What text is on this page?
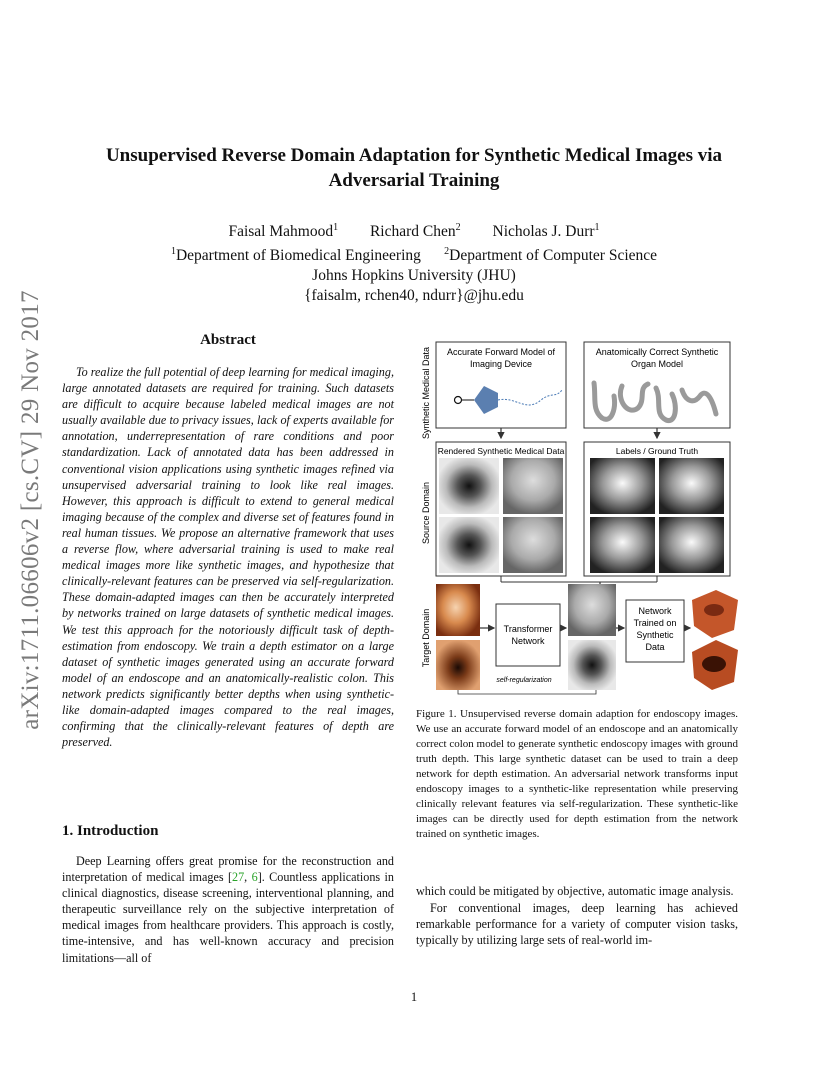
arXiv:1711.06606v2 [cs.CV] 29 Nov 2017
Unsupervised Reverse Domain Adaptation for Synthetic Medical Images via Adversarial Training
Faisal Mahmood$^1$ Richard Chen$^2$ Nicholas J. Durr$^1$
$^1$Department of Biomedical Engineering $^2$Department of Computer Science
Johns Hopkins University (JHU)
{faisalm, rchen40, ndurr}@jhu.edu
Abstract
To realize the full potential of deep learning for medical imaging, large annotated datasets are required for training. Such datasets are difficult to acquire because labeled medical images are not usually available due to privacy issues, lack of experts available for annotation, underrepresentation of rare conditions and poor standardization. Lack of annotated data has been addressed in conventional vision applications using synthetic images refined via unsupervised adversarial training to look like real images. However, this approach is difficult to extend to general medical imaging because of the complex and diverse set of features found in real human tissues. We propose an alternative framework that uses a reverse flow, where adversarial training is used to make real medical images more like synthetic images, and hypothesize that clinically-relevant features can be preserved via self-regularization. These domain-adapted images can then be accurately interpreted by networks trained on large datasets of synthetic medical images. We test this approach for the notoriously difficult task of depth-estimation from endoscopy. We train a depth estimator on a large dataset of synthetic images generated using an accurate forward model of an endoscope and an anatomically-realistic colon. This network predicts significantly better depths when using synthetic-like domain-adapted images compared to the real images, confirming that the clinically-relevant features of depth are preserved.
1. Introduction
Deep Learning offers great promise for the reconstruction and interpretation of medical images [27, 6]. Countless applications in clinical diagnostics, disease screening, interventional planning, and therapeutic surveillance rely on the subjective interpretation of medical images from healthcare providers. This approach is costly, time-intensive, and has well-known accuracy and precision limitations—all of
Synthetic Medical Data
Source Domain
Target Domain
Accurate Forward Model of
Imaging Device
Anatomically Correct Synthetic
Organ Model
Rendered Synthetic Medical Data	Labels / Ground Truth
Transformer
Network
Network
Trained on
Synthetic
Data
self-regularization
Figure 1. Unsupervised reverse domain adaption for endoscopy images. We use an accurate forward model of an endoscope and an anatomically correct colon model to generate synthetic endoscopy images with ground truth depth. This large synthetic dataset can be used to train a deep network for depth estimation. An adversarial network transforms input endoscopy images to a synthetic-like representation while preserving clinically relevant features via self-regularization. These synthetic-like images can be directly used for depth estimation from the network trained on synthetic images.

which could be mitigated by objective, automatic image analysis.

For conventional images, deep learning has achieved remarkable performance for a variety of computer vision tasks, typically by utilizing large sets of real-world im-

1
